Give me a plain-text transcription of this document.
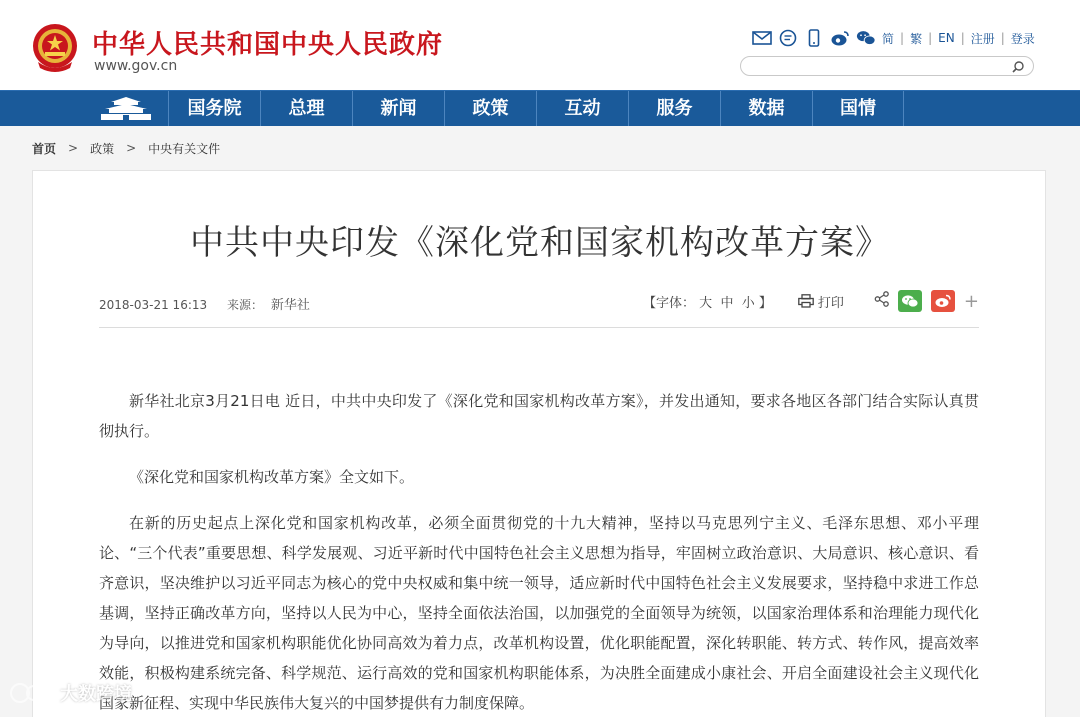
中华人民共和国中央人民政府
www.gov.cn
简 | 繁 | EN | 注册 | 登录
国务院	总理	新闻	政策	互动	服务	数据	国情
首页 > 政策 > 中央有关文件
中共中央印发《深化党和国家机构改革方案》
2018-03-21 16:13 来源： 新华社	【字体： 大 中 小 】	打印	+

新华社北京3月21日电 近日，中共中央印发了《深化党和国家机构改革方案》，并发出通知，要求各地区各部门结合实际认真贯彻执行。

《深化党和国家机构改革方案》全文如下。

在新的历史起点上深化党和国家机构改革，必须全面贯彻党的十九大精神，坚持以马克思列宁主义、毛泽东思想、邓小平理论、“三个代表”重要思想、科学发展观、习近平新时代中国特色社会主义思想为指导，牢固树立政治意识、大局意识、核心意识、看齐意识，坚决维护以习近平同志为核心的党中央权威和集中统一领导，适应新时代中国特色社会主义发展要求，坚持稳中求进工作总基调，坚持正确改革方向，坚持以人民为中心，坚持全面依法治国，以加强党的全面领导为统领，以国家治理体系和治理能力现代化为导向，以推进党和国家机构职能优化协同高效为着力点，改革机构设置，优化职能配置，深化转职能、转方式、转作风，提高效率效能，积极构建系统完备、科学规范、运行高效的党和国家机构职能体系，为决胜全面建成小康社会、开启全面建设社会主义现代化国家新征程、实现中华民族伟大复兴的中国梦提供有力制度保障。

大数跨境
